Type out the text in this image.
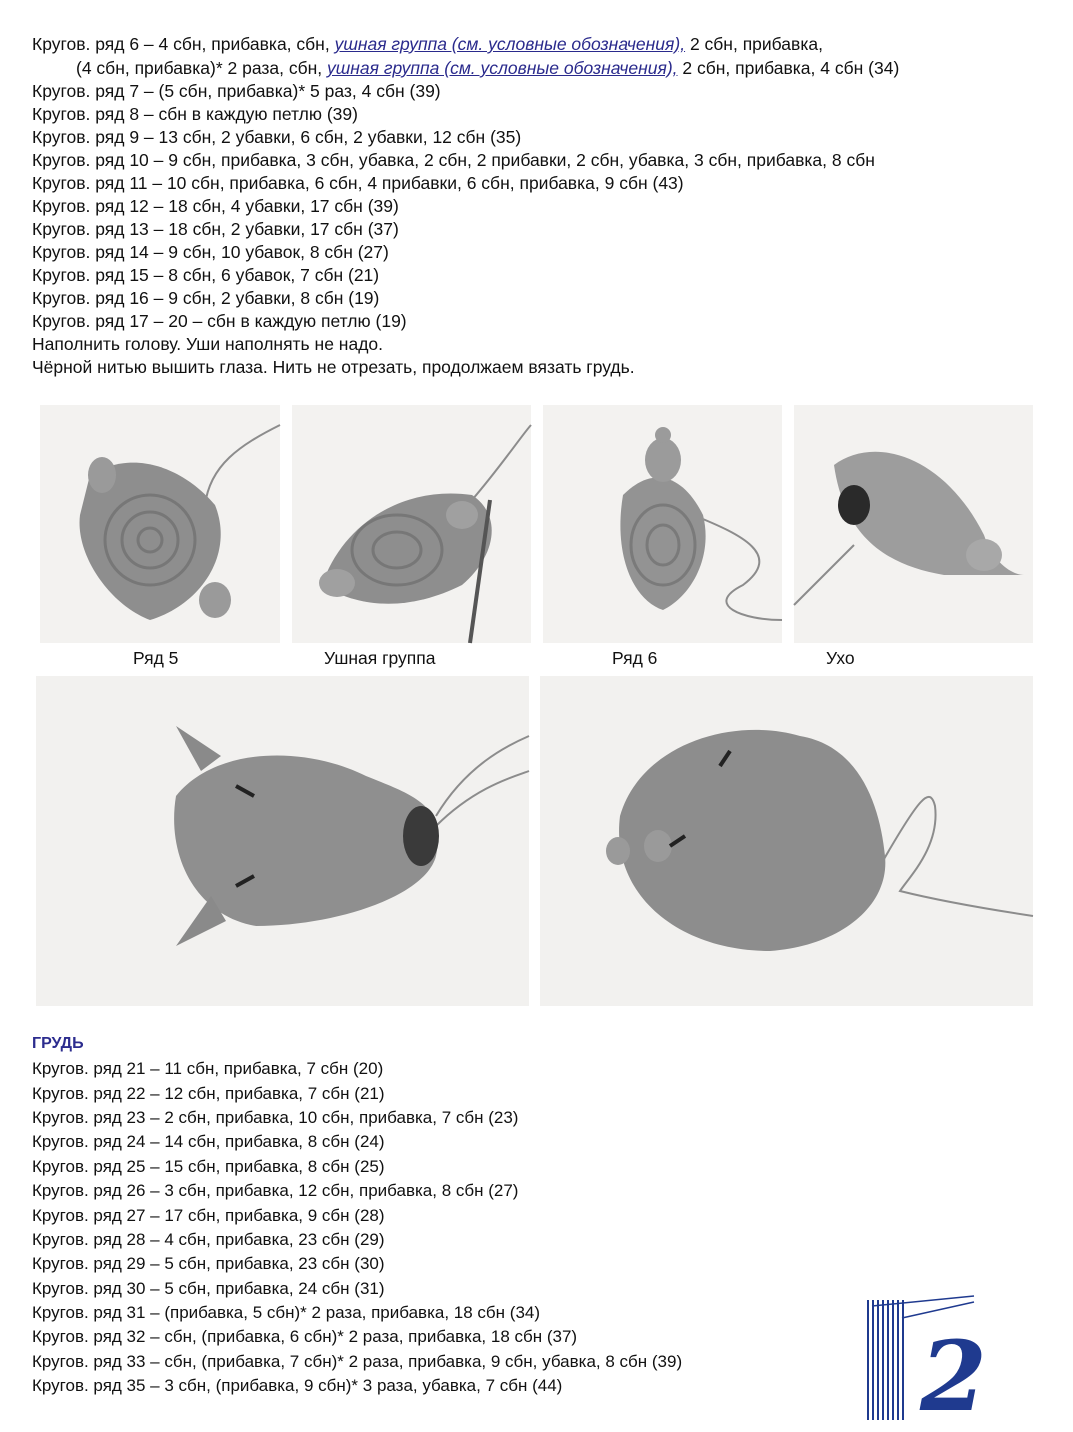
Кругов. ряд 6 – 4 сбн, прибавка, сбн, ушная группа (см. условные обозначения), 2 сбн, прибавка,
(4 сбн, прибавка)* 2 раза, сбн, ушная группа (см. условные обозначения), 2 сбн, прибавка, 4 сбн (34)
Кругов. ряд 7 – (5 сбн, прибавка)* 5 раз, 4 сбн (39)
Кругов. ряд 8 – сбн в каждую петлю (39)
Кругов. ряд 9 – 13 сбн, 2 убавки, 6 сбн, 2 убавки, 12 сбн (35)
Кругов. ряд 10 – 9 сбн, прибавка, 3 сбн, убавка, 2 сбн, 2 прибавки, 2 сбн, убавка, 3 сбн, прибавка, 8 сбн
Кругов. ряд 11 – 10 сбн, прибавка, 6 сбн, 4 прибавки, 6 сбн, прибавка, 9 сбн (43)
Кругов. ряд 12 – 18 сбн, 4 убавки, 17 сбн (39)
Кругов. ряд 13 – 18 сбн, 2 убавки, 17 сбн (37)
Кругов. ряд 14 – 9 сбн, 10 убавок, 8 сбн (27)
Кругов. ряд 15 – 8 сбн, 6 убавок, 7 сбн (21)
Кругов. ряд 16 – 9 сбн, 2 убавки, 8 сбн (19)
Кругов. ряд 17 – 20 – сбн в каждую петлю (19)
Наполнить голову. Уши наполнять не надо.
Чёрной нитью вышить глаза. Нить не отрезать, продолжаем вязать грудь.
Ряд 5	Ушная группа	Ряд 6	Ухо
ГРУДЬ
Кругов. ряд 21 – 11 сбн, прибавка, 7 сбн (20)
Кругов. ряд 22 – 12 сбн, прибавка, 7 сбн (21)
Кругов. ряд 23 – 2 сбн, прибавка, 10 сбн, прибавка, 7 сбн (23)
Кругов. ряд 24 – 14 сбн, прибавка, 8 сбн (24)
Кругов. ряд 25 – 15 сбн, прибавка, 8 сбн (25)
Кругов. ряд 26 – 3 сбн, прибавка, 12 сбн, прибавка, 8 сбн (27)
Кругов. ряд 27 – 17 сбн, прибавка, 9 сбн (28)
Кругов. ряд 28 – 4 сбн, прибавка, 23 сбн (29)
Кругов. ряд 29 – 5 сбн, прибавка, 23 сбн (30)
Кругов. ряд 30 – 5 сбн, прибавка, 24 сбн (31)
Кругов. ряд 31 – (прибавка, 5 сбн)* 2 раза, прибавка, 18 сбн (34)
Кругов. ряд 32 – сбн, (прибавка, 6 сбн)* 2 раза, прибавка, 18 сбн (37)
Кругов. ряд 33 – сбн, (прибавка, 7 сбн)* 2 раза, прибавка, 9 сбн, убавка, 8 сбн (39)
Кругов. ряд 35 – 3 сбн, (прибавка, 9 сбн)* 3 раза, убавка, 7 сбн (44)	2
